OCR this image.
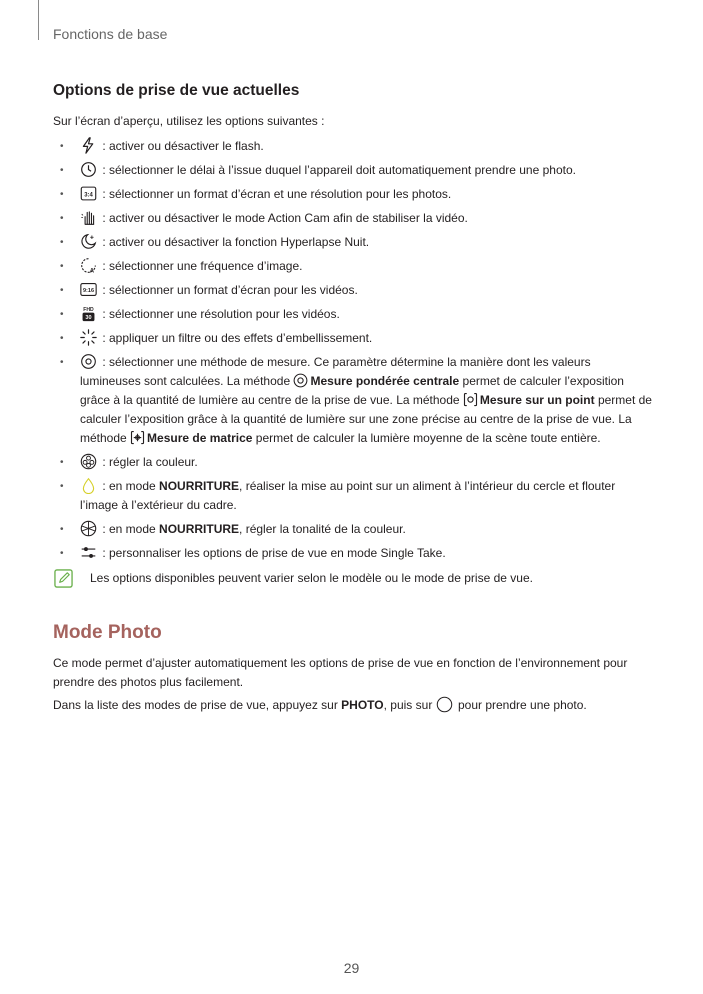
Fonctions de base
Options de prise de vue actuelles

Sur l’écran d’aperçu, utilisez les options suivantes :

• : activer ou désactiver le flash.
• : sélectionner le délai à l’issue duquel l’appareil doit automatiquement prendre une photo.
• 3:4 : sélectionner un format d’écran et une résolution pour les photos.
• : activer ou désactiver le mode Action Cam afin de stabiliser la vidéo.
• : activer ou désactiver la fonction Hyperlapse Nuit.
• A : sélectionner une fréquence d’image.
• 9:16 : sélectionner un format d’écran pour les vidéos.
• FHD
30 : sélectionner une résolution pour les vidéos.
• : appliquer un filtre ou des effets d’embellissement.
• : sélectionner une méthode de mesure. Ce paramètre détermine la manière dont les valeurs lumineuses sont calculées. La méthode
Mesure pondérée centrale permet de calculer l’exposition grâce à la quantité de lumière au centre de la prise de vue. La méthode
Mesure sur un point permet de calculer l’exposition grâce à la quantité de lumière sur une zone précise au centre de la prise de vue. La méthode
Mesure de matrice permet de calculer la lumière moyenne de la scène toute entière.
• : régler la couleur.
• : en mode NOURRITURE, réaliser la mise au point sur un aliment à l’intérieur du cercle et flouter l’image à l’extérieur du cadre.
• : en mode NOURRITURE, régler la tonalité de la couleur.
• : personnaliser les options de prise de vue en mode Single Take.
Les options disponibles peuvent varier selon le modèle ou le mode de prise de vue.
Mode Photo

Ce mode permet d’ajuster automatiquement les options de prise de vue en fonction de l’environnement pour prendre des photos plus facilement.

Dans la liste des modes de prise de vue, appuyez sur PHOTO, puis sur
pour prendre une photo.

29
